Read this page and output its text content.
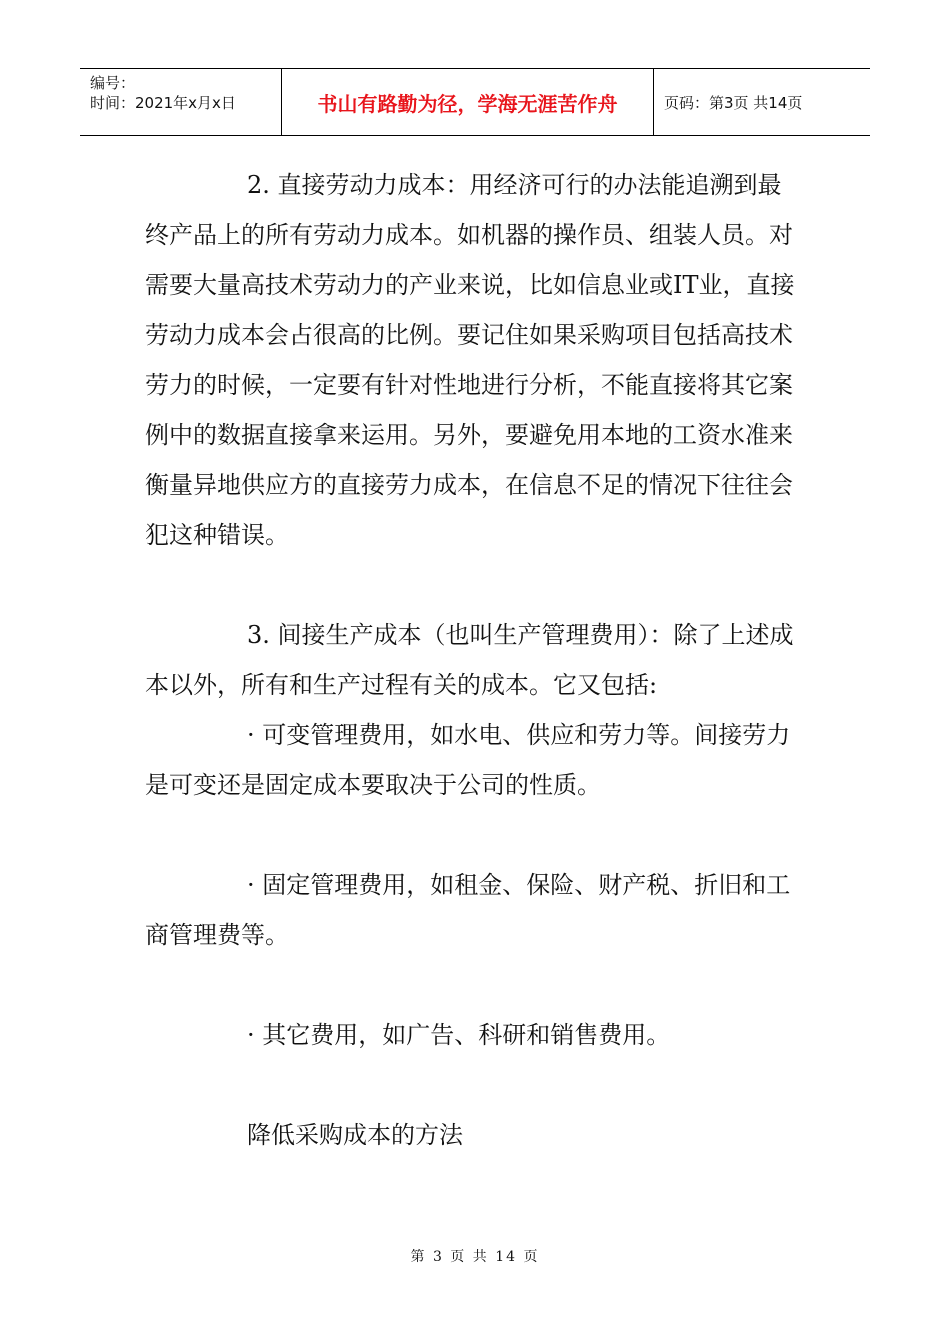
编号：
时间：2021年x月x日	书山有路勤为径，学海无涯苦作舟	页码：第3页 共14页

2. 直接劳动力成本：用经济可行的办法能追溯到最终产品上的所有劳动力成本。如机器的操作员、组装人员。对需要大量高技术劳动力的产业来说，比如信息业或IT业，直接劳动力成本会占很高的比例。要记住如果采购项目包括高技术劳力的时候，一定要有针对性地进行分析，不能直接将其它案例中的数据直接拿来运用。另外，要避免用本地的工资水准来衡量异地供应方的直接劳力成本，在信息不足的情况下往往会犯这种错误。

3. 间接生产成本（也叫生产管理费用）：除了上述成本以外，所有和生产过程有关的成本。它又包括:

· 可变管理费用，如水电、供应和劳力等。间接劳力是可变还是固定成本要取决于公司的性质。

· 固定管理费用，如租金、保险、财产税、折旧和工商管理费等。

· 其它费用，如广告、科研和销售费用。

降低采购成本的方法

第 3 页 共 14 页
